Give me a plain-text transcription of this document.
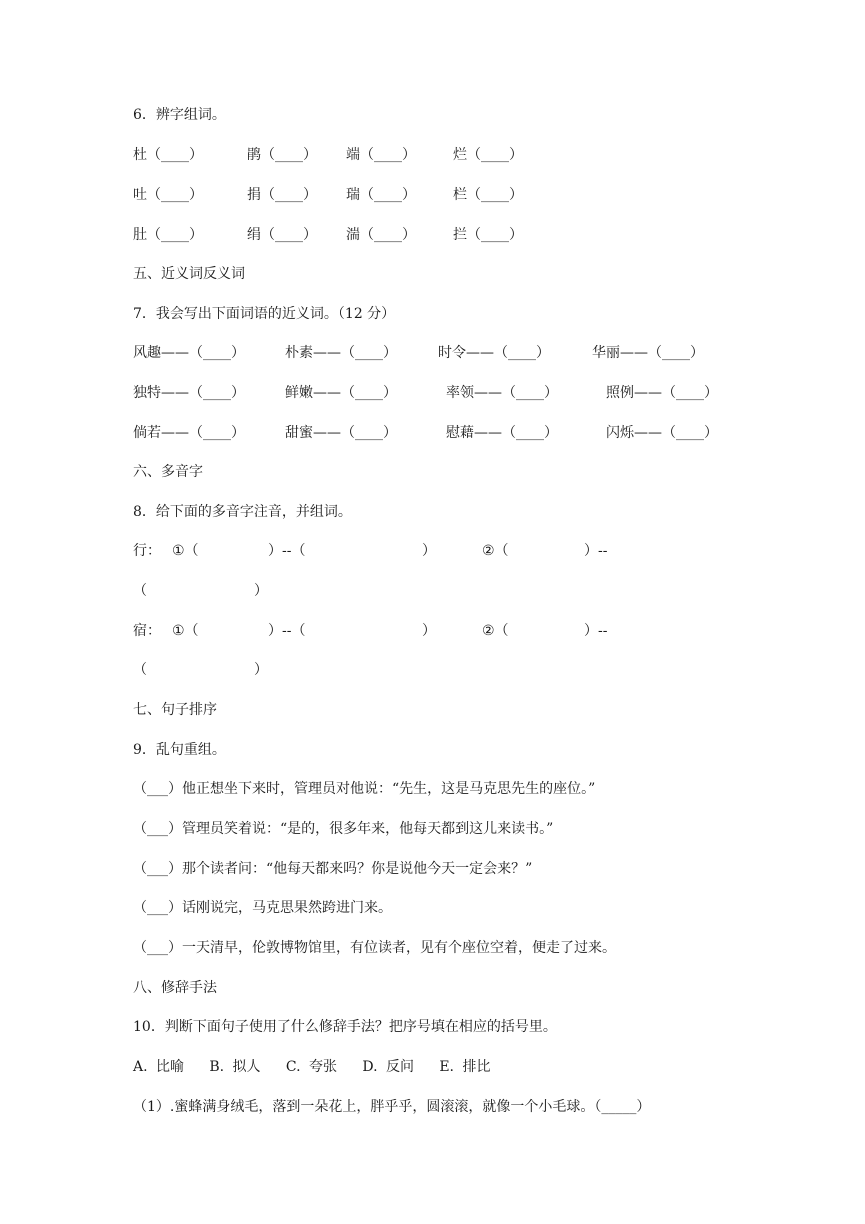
6．辨字组词。
杜（____）	鹃（____） 端（____）	烂（____）
吐（____）	捐（____） 瑞（____）	栏（____）
肚（____）	绢（____） 湍（____）	拦（____）
五、近义词反义词
7．我会写出下面词语的近义词。（12 分）
风趣——（____）	朴素——（____）	时令——（____）	华丽——（____）
独特——（____）	鲜嫩——（____）	率领——（____）	照例——（____）
倘若——（____）	甜蜜——（____）	慰藉——（____）	闪烁——（____）
六、多音字
8．给下面的多音字注音，并组词。
行： ①（	）--（	）	②（	）--
（	）
宿： ①（	）--（	）	②（	）--
（	）
七、句子排序
9．乱句重组。
（___）他正想坐下来时，管理员对他说：“先生，这是马克思先生的座位。”
（___）管理员笑着说：“是的，很多年来，他每天都到这儿来读书。”
（___）那个读者问：“他每天都来吗？你是说他今天一定会来？”
（___）话刚说完，马克思果然跨进门来。
（___）一天清早，伦敦博物馆里，有位读者，见有个座位空着，便走了过来。
八、修辞手法
10．判断下面句子使用了什么修辞手法？把序号填在相应的括号里。
A. 比喻   B. 拟人   C. 夸张   D. 反问   E. 排比
（1）.蜜蜂满身绒毛，落到一朵花上，胖乎乎，圆滚滚，就像一个小毛球。（_____）
